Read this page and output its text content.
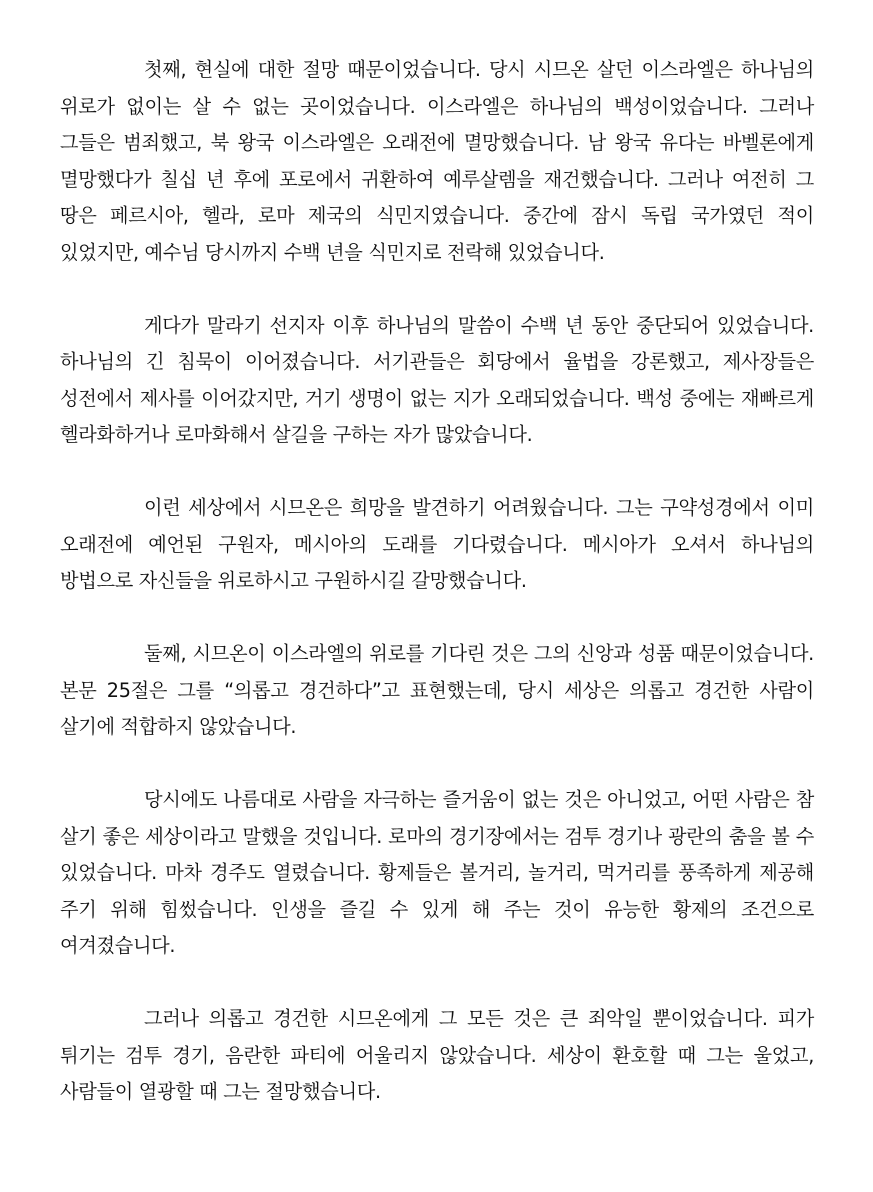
첫째, 현실에 대한 절망 때문이었습니다. 당시 시므온 살던 이스라엘은 하나님의 위로가 없이는 살 수 없는 곳이었습니다. 이스라엘은 하나님의 백성이었습니다. 그러나 그들은 범죄했고, 북 왕국 이스라엘은 오래전에 멸망했습니다. 남 왕국 유다는 바벨론에게 멸망했다가 칠십 년 후에 포로에서 귀환하여 예루살렘을 재건했습니다. 그러나 여전히 그 땅은 페르시아, 헬라, 로마 제국의 식민지였습니다. 중간에 잠시 독립 국가였던 적이 있었지만, 예수님 당시까지 수백 년을 식민지로 전락해 있었습니다.

게다가 말라기 선지자 이후 하나님의 말씀이 수백 년 동안 중단되어 있었습니다. 하나님의 긴 침묵이 이어졌습니다. 서기관들은 회당에서 율법을 강론했고, 제사장들은 성전에서 제사를 이어갔지만, 거기 생명이 없는 지가 오래되었습니다. 백성 중에는 재빠르게 헬라화하거나 로마화해서 살길을 구하는 자가 많았습니다.

이런 세상에서 시므온은 희망을 발견하기 어려웠습니다. 그는 구약성경에서 이미 오래전에 예언된 구원자, 메시아의 도래를 기다렸습니다. 메시아가 오셔서 하나님의 방법으로 자신들을 위로하시고 구원하시길 갈망했습니다.

둘째, 시므온이 이스라엘의 위로를 기다린 것은 그의 신앙과 성품 때문이었습니다. 본문 25절은 그를 “의롭고 경건하다”고 표현했는데, 당시 세상은 의롭고 경건한 사람이 살기에 적합하지 않았습니다.

당시에도 나름대로 사람을 자극하는 즐거움이 없는 것은 아니었고, 어떤 사람은 참 살기 좋은 세상이라고 말했을 것입니다. 로마의 경기장에서는 검투 경기나 광란의 춤을 볼 수 있었습니다. 마차 경주도 열렸습니다. 황제들은 볼거리, 놀거리, 먹거리를 풍족하게 제공해 주기 위해 힘썼습니다. 인생을 즐길 수 있게 해 주는 것이 유능한 황제의 조건으로 여겨졌습니다.

그러나 의롭고 경건한 시므온에게 그 모든 것은 큰 죄악일 뿐이었습니다. 피가 튀기는 검투 경기, 음란한 파티에 어울리지 않았습니다. 세상이 환호할 때 그는 울었고, 사람들이 열광할 때 그는 절망했습니다.
